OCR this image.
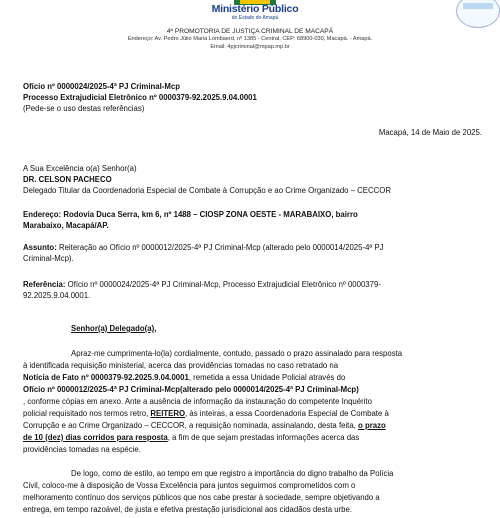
Ministério Público
do Estado do Amapá
4ª PROMOTORIA DE JUSTIÇA CRIMINAL DE MACAPÁ
Endereço: Av. Pedro Júlio Maria Lombaerd, nº 1385 - Central, CEP: 68900-030, Macapá. - Amapá.
Email: 4pjcriminal@mpap.mp.br
Ofício nº 0000024/2025-4ª PJ Criminal-Mcp
Processo Extrajudicial Eletrônico nº 0000379-92.2025.9.04.0001
(Pede-se o uso destas referências)
Macapá, 14 de Maio de 2025.
A Sua Excelência o(a) Senhor(a)
DR. CELSON PACHECO
Delegado Titular da Coordenadoria Especial de Combate à Corrupção e ao Crime Organizado – CECCOR
Endereço: Rodovia Duca Serra, km 6, nº 1488 – CIOSP ZONA OESTE - MARABAIXO, bairro
Marabaixo, Macapá/AP.
Assunto: Reiteração ao Ofício nº 0000012/2025-4ª PJ Criminal-Mcp (alterado pelo 0000014/2025-4ª PJ
Criminal-Mcp).
Referência: Ofício nº 0000024/2025-4ª PJ Criminal-Mcp, Processo Extrajudicial Eletrônico nº 0000379-
92.2025.9.04.0001.
Senhor(a) Delegado(a),
Apraz-me cumprimenta-lo(la) cordialmente, contudo, passado o prazo assinalado para resposta
à identificada requisição ministerial, acerca das providências tomadas no caso retratado na
Notícia de Fato nº 0000379-92.2025.9.04.0001, remetida a essa Unidade Policial através do
Ofício nº 0000012/2025-4ª PJ Criminal-Mcp(alterado pelo 0000014/2025-4ª PJ Criminal-Mcp)
, conforme cópias em anexo. Ante a ausência de informação da instauração do competente Inquérito
policial requisitado nos termos retro, REITERO, às inteiras, a essa Coordenadoria Especial de Combate à
Corrupção e ao Crime Organizado – CECCOR, a requisição nominada, assinalando, desta feita, o prazo
de 10 (dez) dias corridos para resposta, a fim de que sejam prestadas informações acerca das
providências tomadas na espécie.
De logo, como de estilo, ao tempo em que registro a importância do digno trabalho da Polícia
Civil, coloco-me à disposição de Vossa Excelência para juntos seguirmos comprometidos com o
melhoramento contínuo dos serviços públicos que nos cabe prestar à sociedade, sempre objetivando a
entrega, em tempo razoável, de justa e efetiva prestação jurisdicional aos cidadãos desta urbe.
